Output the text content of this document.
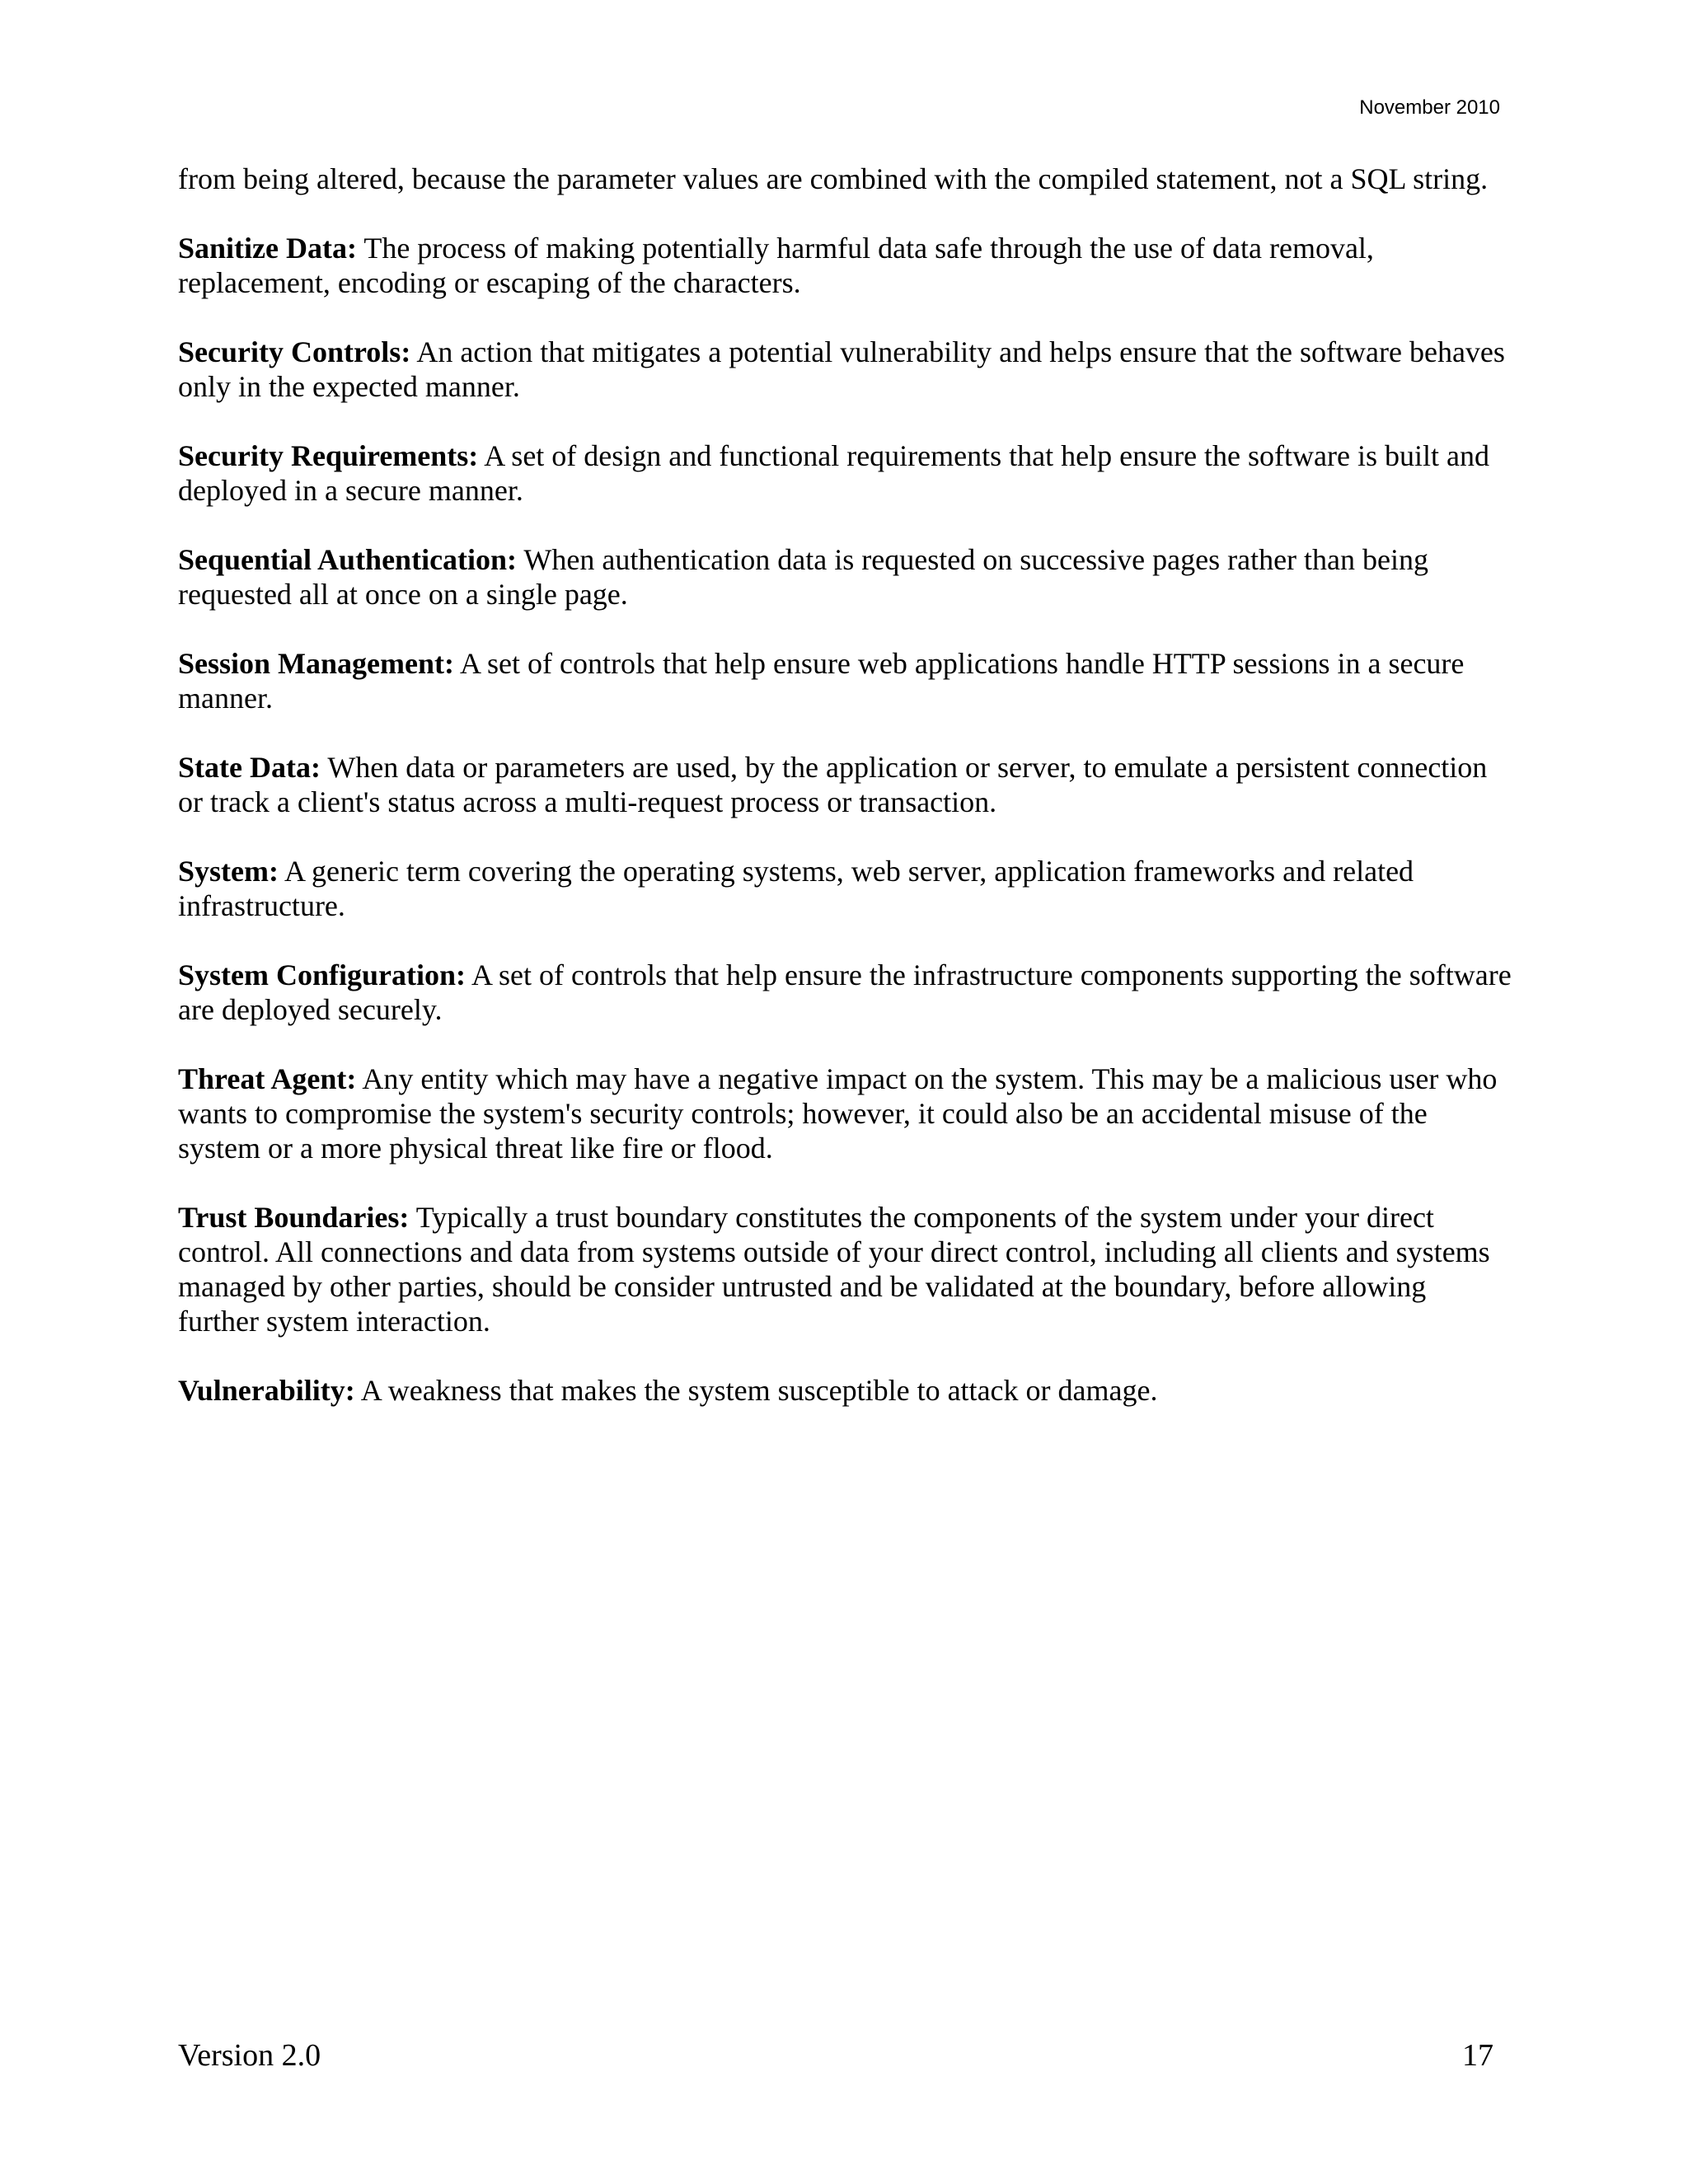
November 2010

from being altered, because the parameter values are combined with the compiled statement, not a SQL string.

Sanitize Data: The process of making potentially harmful data safe through the use of data removal, replacement, encoding or escaping of the characters.

Security Controls: An action that mitigates a potential vulnerability and helps ensure that the software behaves only in the expected manner.

Security Requirements: A set of design and functional requirements that help ensure the software is built and deployed in a secure manner.

Sequential Authentication: When authentication data is requested on successive pages rather than being requested all at once on a single page.

Session Management: A set of controls that help ensure web applications handle HTTP sessions in a secure manner.

State Data: When data or parameters are used, by the application or server, to emulate a persistent connection or track a client's status across a multi-request process or transaction.

System: A generic term covering the operating systems, web server, application frameworks and related infrastructure.

System Configuration: A set of controls that help ensure the infrastructure components supporting the software are deployed securely.

Threat Agent: Any entity which may have a negative impact on the system. This may be a malicious user who wants to compromise the system's security controls; however, it could also be an accidental misuse of the system or a more physical threat like fire or flood.

Trust Boundaries: Typically a trust boundary constitutes the components of the system under your direct control. All connections and data from systems outside of your direct control, including all clients and systems managed by other parties, should be consider untrusted and be validated at the boundary, before allowing further system interaction.

Vulnerability: A weakness that makes the system susceptible to attack or damage.

Version 2.0	17
